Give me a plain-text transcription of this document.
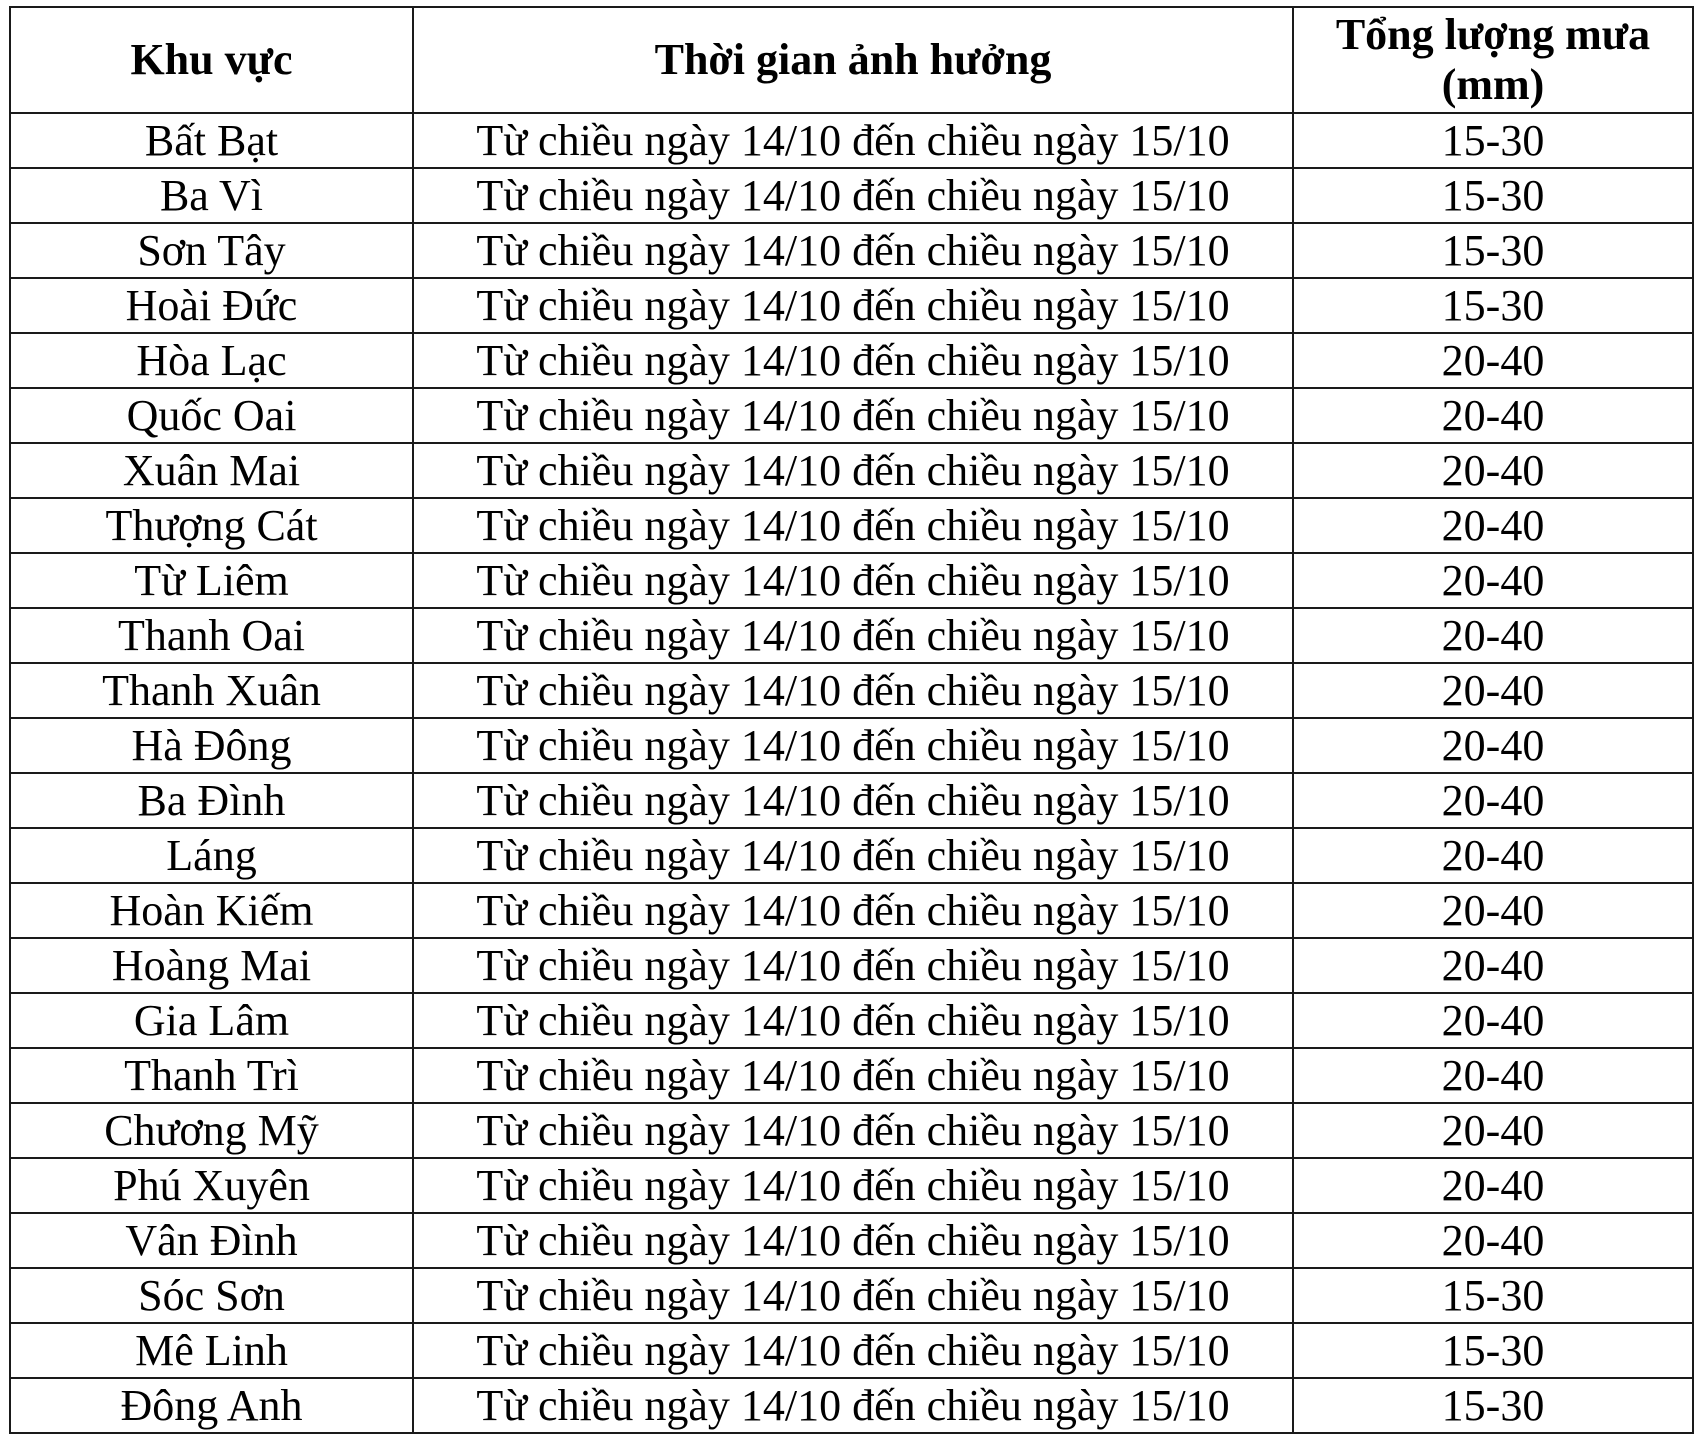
Khu vực	Thời gian ảnh hưởng	Tổng lượng mưa
(mm)

Bất Bạt	Từ chiều ngày 14/10 đến chiều ngày 15/10	15-30
Ba Vì	Từ chiều ngày 14/10 đến chiều ngày 15/10	15-30
Sơn Tây	Từ chiều ngày 14/10 đến chiều ngày 15/10	15-30
Hoài Đức	Từ chiều ngày 14/10 đến chiều ngày 15/10	15-30
Hòa Lạc	Từ chiều ngày 14/10 đến chiều ngày 15/10	20-40
Quốc Oai	Từ chiều ngày 14/10 đến chiều ngày 15/10	20-40
Xuân Mai	Từ chiều ngày 14/10 đến chiều ngày 15/10	20-40
Thượng Cát	Từ chiều ngày 14/10 đến chiều ngày 15/10	20-40
Từ Liêm	Từ chiều ngày 14/10 đến chiều ngày 15/10	20-40
Thanh Oai	Từ chiều ngày 14/10 đến chiều ngày 15/10	20-40
Thanh Xuân	Từ chiều ngày 14/10 đến chiều ngày 15/10	20-40
Hà Đông	Từ chiều ngày 14/10 đến chiều ngày 15/10	20-40
Ba Đình	Từ chiều ngày 14/10 đến chiều ngày 15/10	20-40
Láng	Từ chiều ngày 14/10 đến chiều ngày 15/10	20-40
Hoàn Kiếm	Từ chiều ngày 14/10 đến chiều ngày 15/10	20-40
Hoàng Mai	Từ chiều ngày 14/10 đến chiều ngày 15/10	20-40
Gia Lâm	Từ chiều ngày 14/10 đến chiều ngày 15/10	20-40
Thanh Trì	Từ chiều ngày 14/10 đến chiều ngày 15/10	20-40
Chương Mỹ	Từ chiều ngày 14/10 đến chiều ngày 15/10	20-40
Phú Xuyên	Từ chiều ngày 14/10 đến chiều ngày 15/10	20-40
Vân Đình	Từ chiều ngày 14/10 đến chiều ngày 15/10	20-40
Sóc Sơn	Từ chiều ngày 14/10 đến chiều ngày 15/10	15-30
Mê Linh	Từ chiều ngày 14/10 đến chiều ngày 15/10	15-30
Đông Anh	Từ chiều ngày 14/10 đến chiều ngày 15/10	15-30
